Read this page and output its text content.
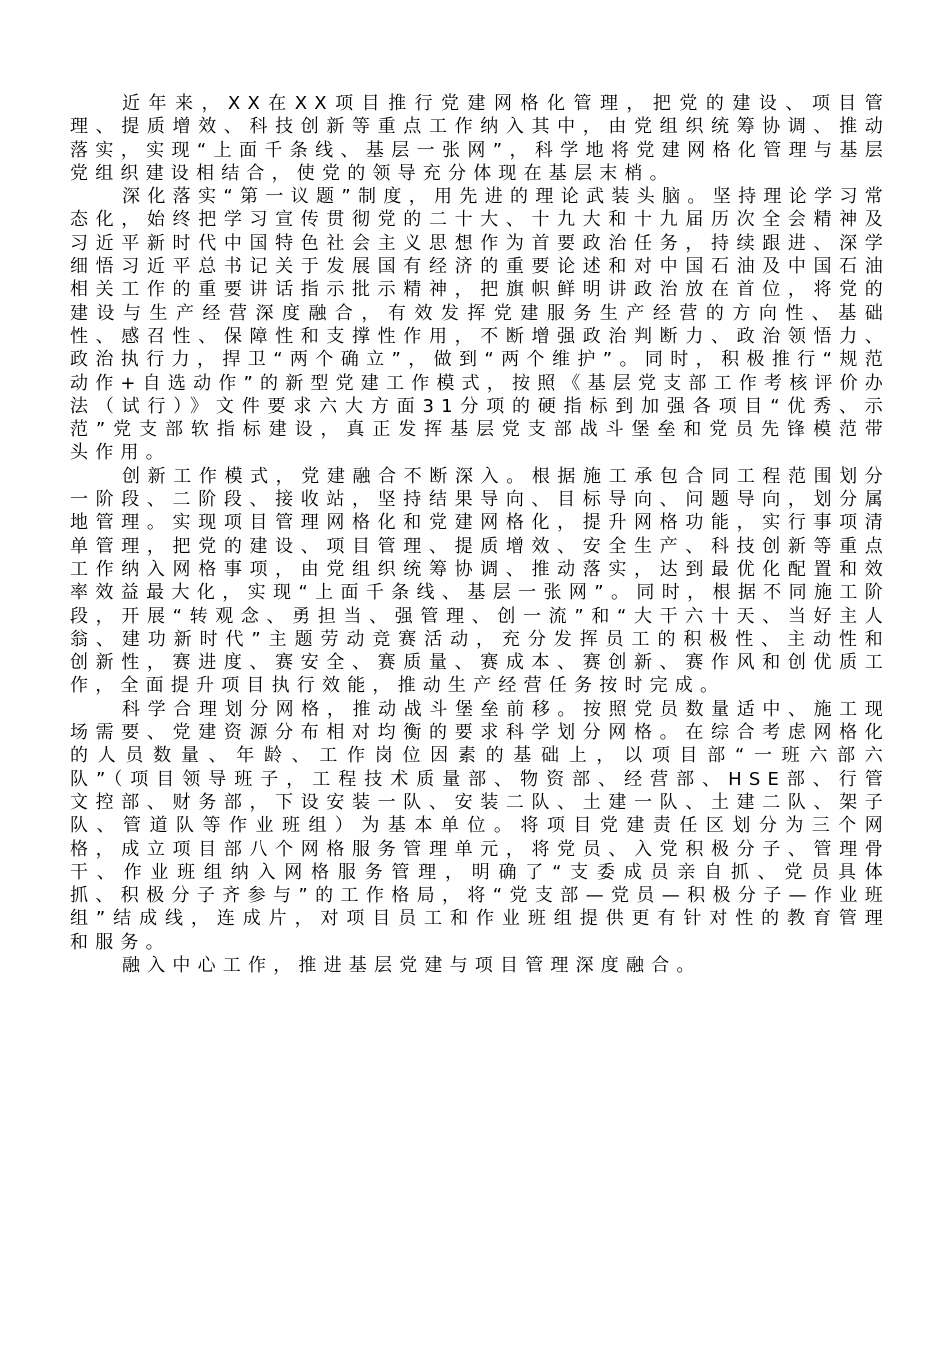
近年来，XX在XX项目推行党建网格化管理，把党的建设、项目管理、提质增效、科技创新等重点工作纳入其中，由党组织统筹协调、推动落实，实现“上面千条线、基层一张网”，科学地将党建网格化管理与基层党组织建设相结合，使党的领导充分体现在基层末梢。

深化落实“第一议题”制度，用先进的理论武装头脑。坚持理论学习常态化，始终把学习宣传贯彻党的二十大、十九大和十九届历次全会精神及习近平新时代中国特色社会主义思想作为首要政治任务，持续跟进、深学细悟习近平总书记关于发展国有经济的重要论述和对中国石油及中国石油相关工作的重要讲话指示批示精神，把旗帜鲜明讲政治放在首位，将党的建设与生产经营深度融合，有效发挥党建服务生产经营的方向性、基础性、感召性、保障性和支撑性作用，不断增强政治判断力、政治领悟力、政治执行力，捍卫“两个确立”，做到“两个维护”。同时，积极推行“规范动作+自选动作”的新型党建工作模式，按照《基层党支部工作考核评价办法（试行）》文件要求六大方面31分项的硬指标到加强各项目“优秀、示范”党支部软指标建设，真正发挥基层党支部战斗堡垒和党员先锋模范带头作用。

创新工作模式，党建融合不断深入。根据施工承包合同工程范围划分一阶段、二阶段、接收站，坚持结果导向、目标导向、问题导向，划分属地管理。实现项目管理网格化和党建网格化，提升网格功能，实行事项清单管理，把党的建设、项目管理、提质增效、安全生产、科技创新等重点工作纳入网格事项，由党组织统筹协调、推动落实，达到最优化配置和效率效益最大化，实现“上面千条线、基层一张网”。同时，根据不同施工阶段，开展“转观念、勇担当、强管理、创一流”和“大干六十天、当好主人翁、建功新时代”主题劳动竞赛活动，充分发挥员工的积极性、主动性和创新性，赛进度、赛安全、赛质量、赛成本、赛创新、赛作风和创优质工作，全面提升项目执行效能，推动生产经营任务按时完成。

科学合理划分网格，推动战斗堡垒前移。按照党员数量适中、施工现场需要、党建资源分布相对均衡的要求科学划分网格。在综合考虑网格化的人员数量、年龄、工作岗位因素的基础上，以项目部“一班六部六队”（项目领导班子，工程技术质量部、物资部、经营部、HSE部、行管文控部、财务部，下设安装一队、安装二队、土建一队、土建二队、架子队、管道队等作业班组）为基本单位。将项目党建责任区划分为三个网格，成立项目部八个网格服务管理单元，将党员、入党积极分子、管理骨干、作业班组纳入网格服务管理，明确了“支委成员亲自抓、党员具体抓、积极分子齐参与”的工作格局，将“党支部—党员—积极分子—作业班组”结成线，连成片，对项目员工和作业班组提供更有针对性的教育管理和服务。

融入中心工作，推进基层党建与项目管理深度融合。
